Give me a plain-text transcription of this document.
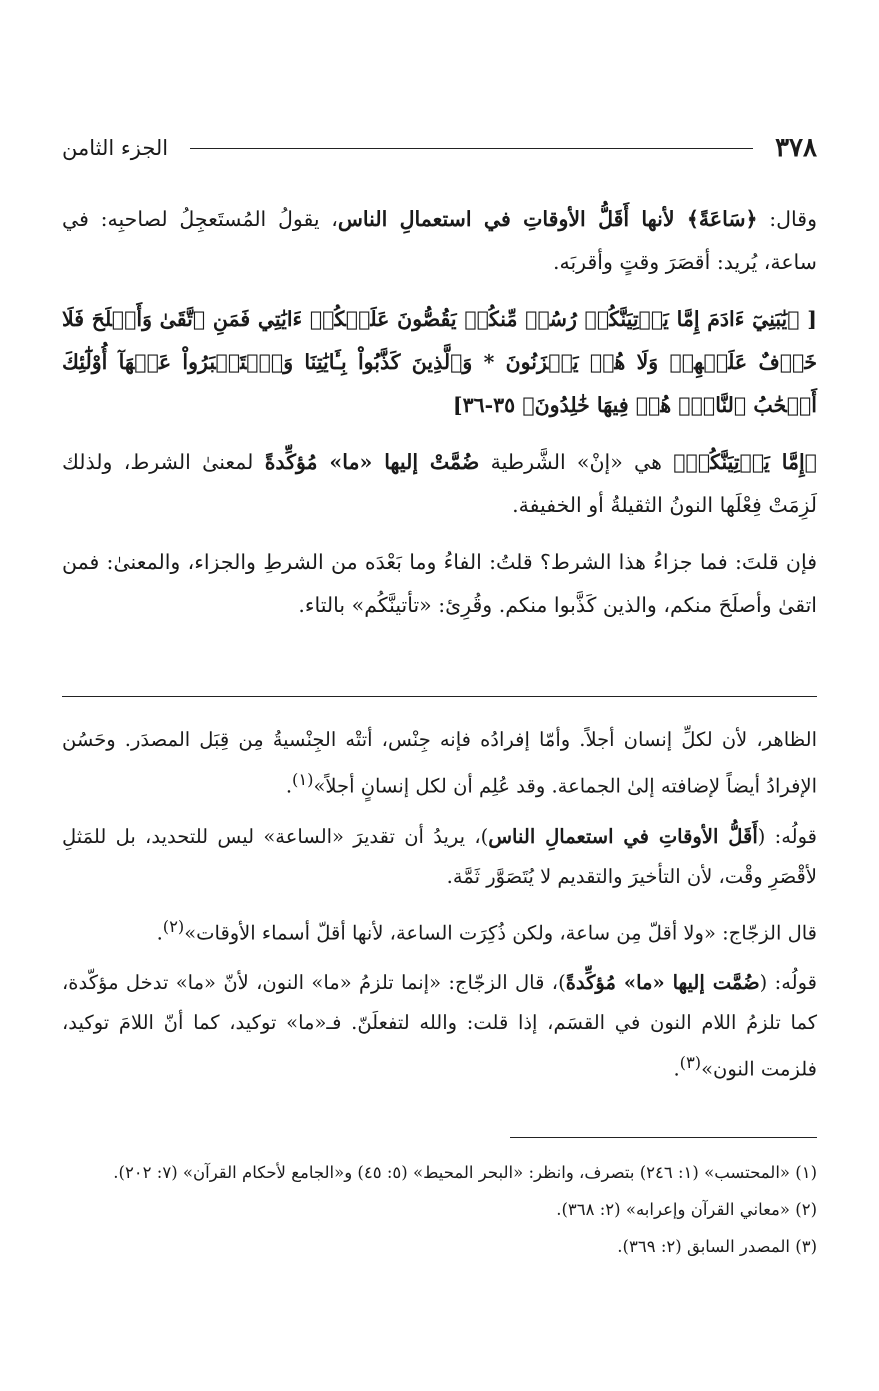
٣٧٨
الجزء الثامن

وقال: ﴿سَاعَةً﴾ لأنها أَقَلُّ الأوقاتِ في استعمالِ الناس، يقولُ المُستَعجِلُ لصاحبِه: في ساعة، يُريد: أقصَرَ وقتٍ وأقربَه.

[ ﴿يَٰبَنِيٓ ءَادَمَ إِمَّا يَأۡتِيَنَّكُمۡ رُسُلٞ مِّنكُمۡ يَقُصُّونَ عَلَيۡكُمۡ ءَايَٰتِي فَمَنِ ٱتَّقَىٰ وَأَصۡلَحَ فَلَا خَوۡفٌ عَلَيۡهِمۡ وَلَا هُمۡ يَحۡزَنُونَ * وَٱلَّذِينَ كَذَّبُواْ بِـَٔايَٰتِنَا وَٱسۡتَكۡبَرُواْ عَنۡهَآ أُوْلَٰٓئِكَ أَصۡحَٰبُ ٱلنَّارِۖ هُمۡ فِيهَا خَٰلِدُونَ﴾ ٣٥-٣٦]

﴿إِمَّا يَأۡتِيَنَّكُمۡ﴾ هي «إنْ» الشَّرطية ضُمَّتْ إليها «ما» مُؤكِّدةً لمعنىٰ الشرط، ولذلك لَزِمَتْ فِعْلَها النونُ الثقيلةُ أو الخفيفة.

فإن قلتَ: فما جزاءُ هذا الشرط؟ قلتُ: الفاءُ وما بَعْدَه من الشرطِ والجزاء، والمعنىٰ: فمن اتقىٰ وأصلَحَ منكم، والذين كَذَّبوا منكم. وقُرِئ: «تأتينَّكُم» بالتاء.

الظاهر، لأن لكلِّ إنسان أجلاً. وأمّا إفرادُه فإنه جِنْس، أتتْه الجِنْسيةُ مِن قِبَل المصدَر. وحَسُن الإفرادُ أيضاً لإضافته إلىٰ الجماعة. وقد عُلِم أن لكل إنسانٍ أجلاً»$^{(١)}$.

قولُه: (أَقَلُّ الأوقاتِ في استعمالِ الناس)، يريدُ أن تقديرَ «الساعة» ليس للتحديد، بل للمَثلِ لأقْصَرِ وقْت، لأن التأخيرَ والتقديم لا يُتَصَوَّر ثَمَّة.

قال الزجّاج: «ولا أقلّ مِن ساعة، ولكن ذُكِرَت الساعة، لأنها أقلّ أسماء الأوقات»$^{(٢)}$.

قولُه: (ضُمَّت إليها «ما» مُؤكِّدةً)، قال الزجّاج: «إنما تلزمُ «ما» النون، لأنّ «ما» تدخل مؤكّدة، كما تلزمُ اللام النون في القسَم، إذا قلت: والله لتفعلَنّ. فـ«ما» توكيد، كما أنّ اللامَ توكيد، فلزمت النون»$^{(٣)}$.

(١) «المحتسب» (١: ٢٤٦) بتصرف، وانظر: «البحر المحيط» (٥: ٤٥) و«الجامع لأحكام القرآن» (٧: ٢٠٢).

(٢) «معاني القرآن وإعرابه» (٢: ٣٦٨).

(٣) المصدر السابق (٢: ٣٦٩).
